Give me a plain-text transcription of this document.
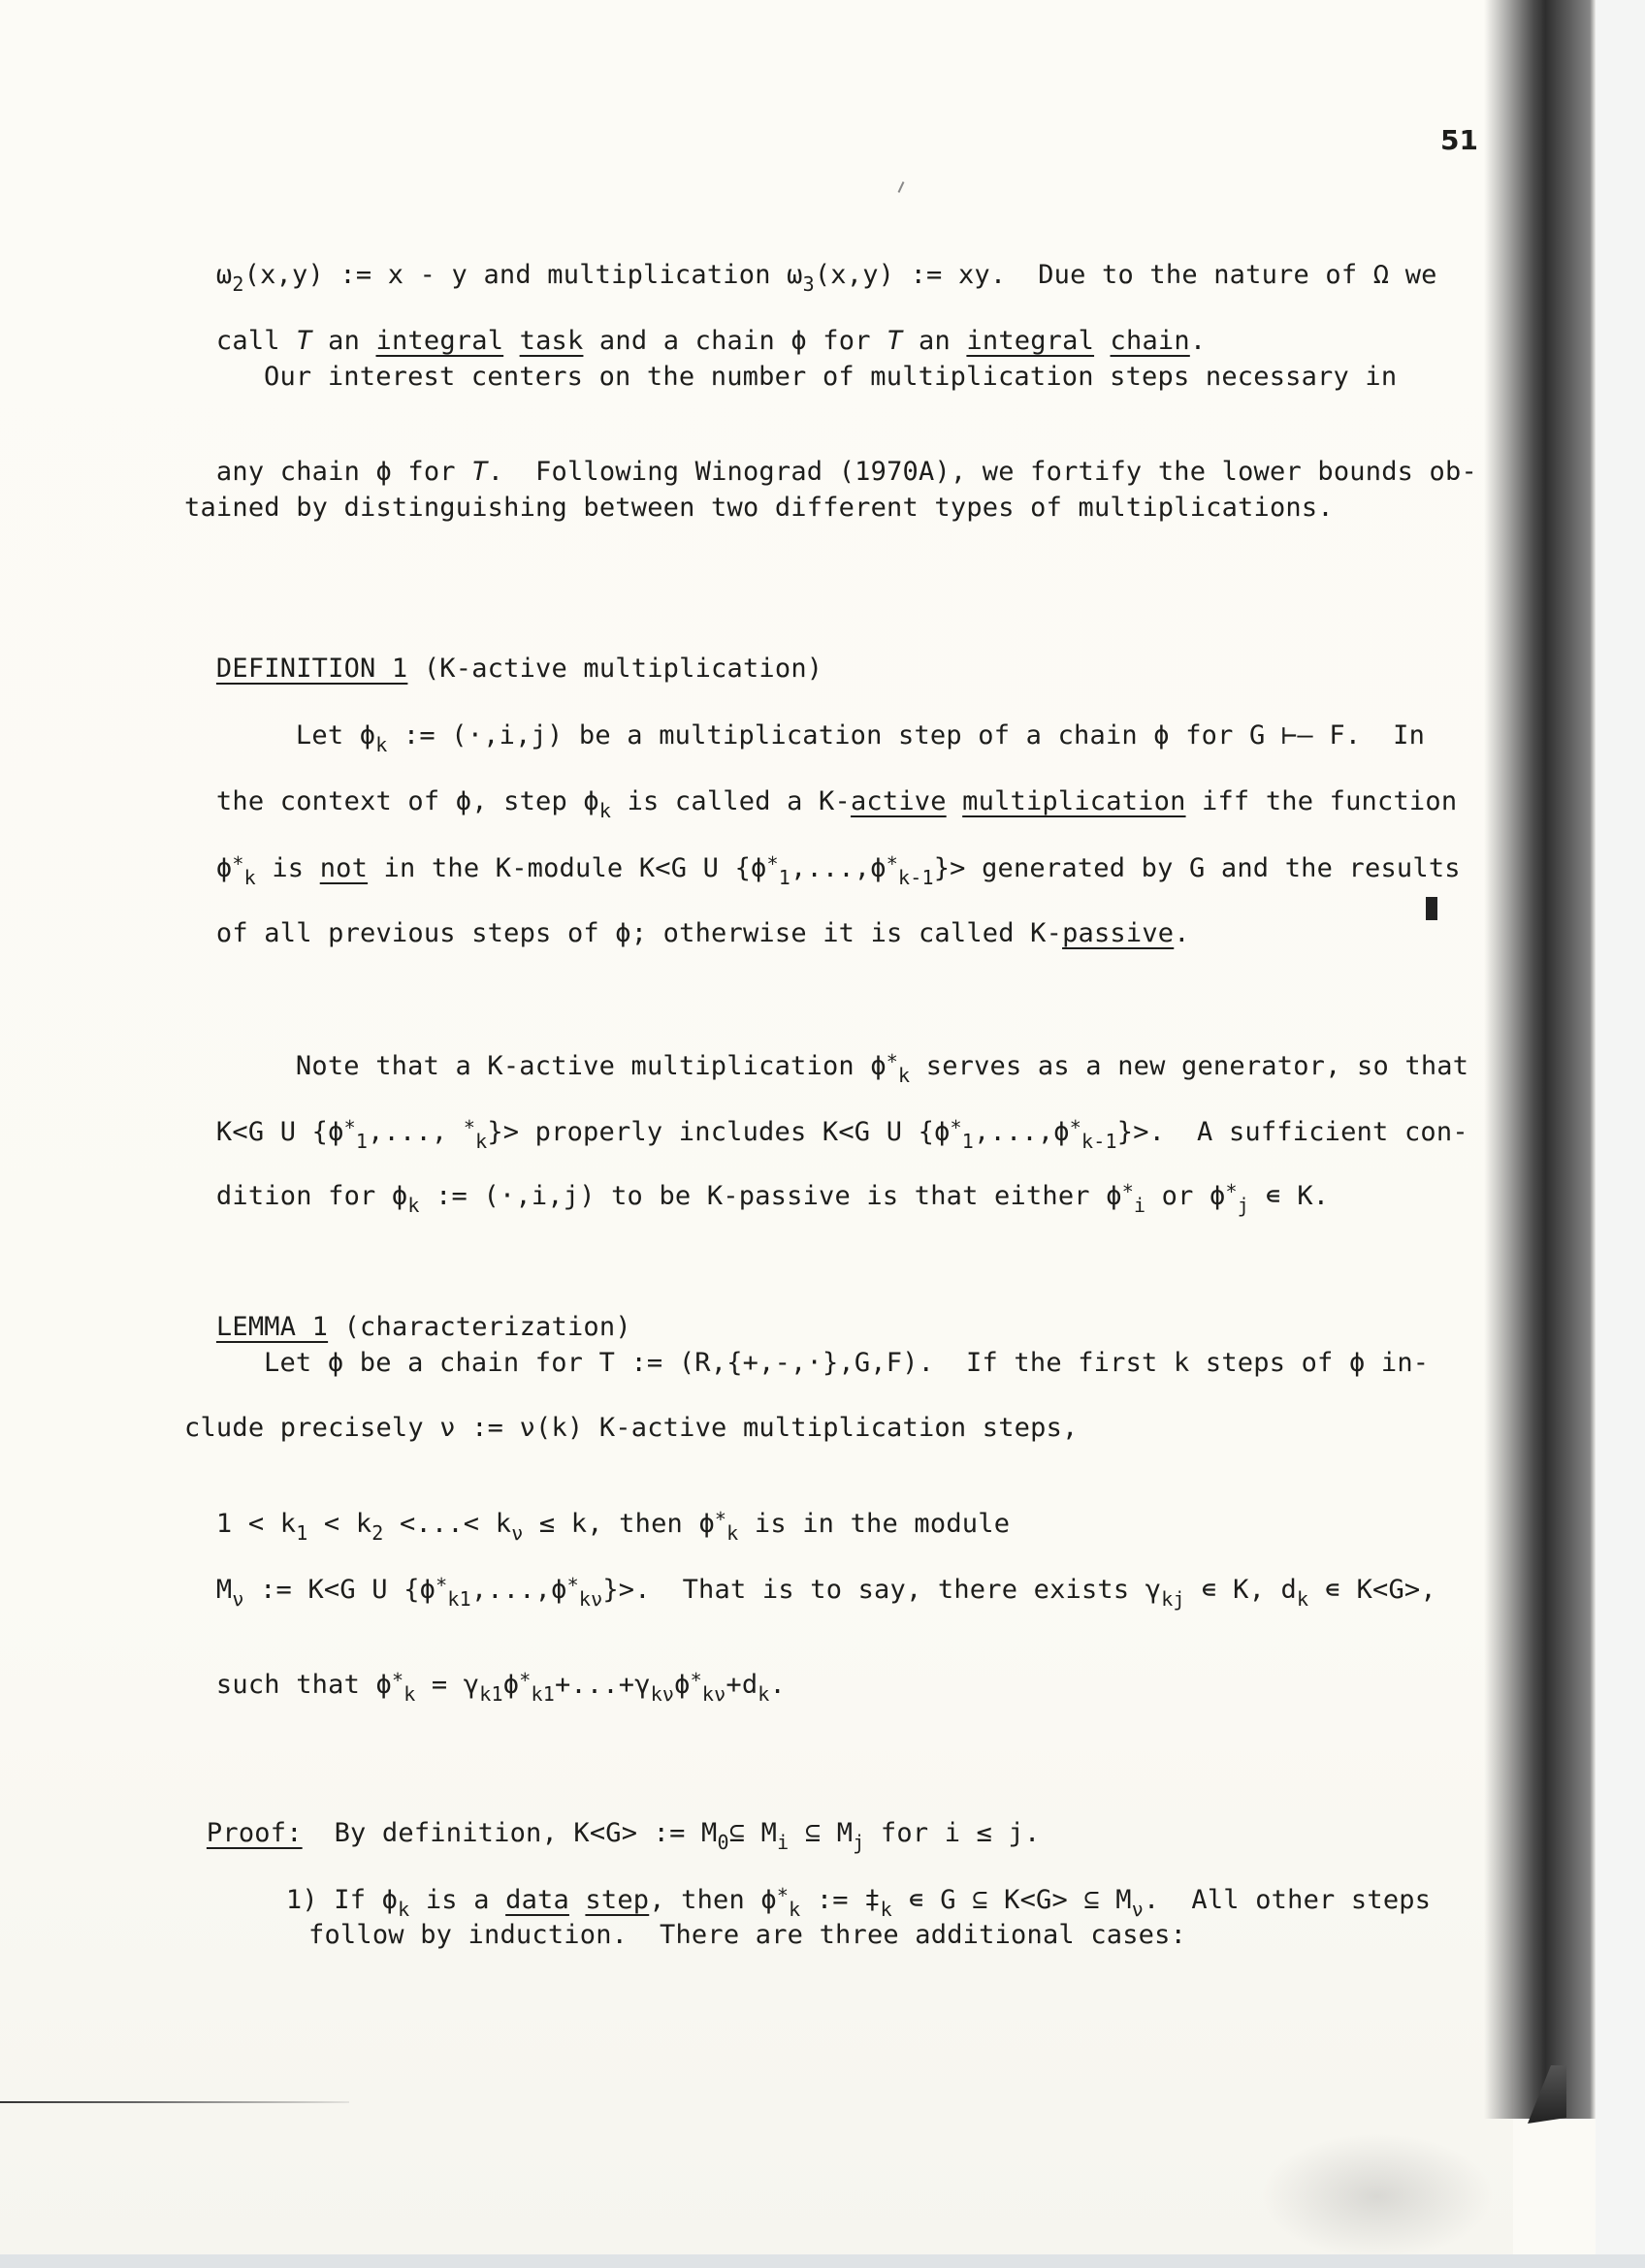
51

$\omega_2(x,y)$ := x - y and multiplication $\omega_3(x,y)$ := xy.  Due to the nature of Ω we

call T an integral task and a chain ϕ for T an integral chain.

Our interest centers on the number of multiplication steps necessary in

any chain ϕ for T.  Following Winograd (1970A), we fortify the lower bounds ob-

tained by distinguishing between two different types of multiplications.

DEFINITION 1 (K-active multiplication)

Let $\phi_k$ := (·,i,j) be a multiplication step of a chain ϕ for G ⊢— F.  In

the context of ϕ, step $\phi_k$ is called a K-active multiplication iff the function

$\phi^*_k$ is not in the K-module K<G U $\{\phi^*_1,...,\phi^*_{k-1}\}>$ generated by G and the results

of all previous steps of ϕ; otherwise it is called K-passive.

Note that a K-active multiplication $\phi^*_k$ serves as a new generator, so that

K<G U {$\phi^*_1$,..., *$_k$}> properly includes K<G U $\{\phi^*_1,...,\phi^*_{k-1}\}>$.  A sufficient con-

dition for $\phi_k$ := (·,i,j) to be K-passive is that either $\phi^*_i$ or $\phi^*_j$ ∊ K.

LEMMA 1 (characterization)

Let ϕ be a chain for T := (R,{+,-,·},G,F).  If the first k steps of ϕ in-
clude precisely ν := ν(k) K-active multiplication steps,

$1 < k_1 < k_2$ <...< $k_\nu \le k$, then $\phi^*_k$ is in the module

$M_\nu$ := K<G U $\{\phi^*_{k1},...,\phi^*_{k\nu}\}>$.  That is to say, there exists $\gamma_{kj}$ ∊ K, $d_k$ ∊ K<G>,

such that $\phi^*_k = \gamma_{k1}\phi^*_{k1}+...+\gamma_{k\nu}\phi^*_{k\nu}+d_k$.

Proof:  By definition, K<G> := $M_0⊆$ $M_i$ ⊆ $M_j$ for i ≤ j.

1) If $\phi_k$ is a data step, then $\phi^*_k$ := $\ddagger_k$ ∊ G ⊆ K<G> ⊆ $M_\nu$.  All other steps

follow by induction.  There are three additional cases:
